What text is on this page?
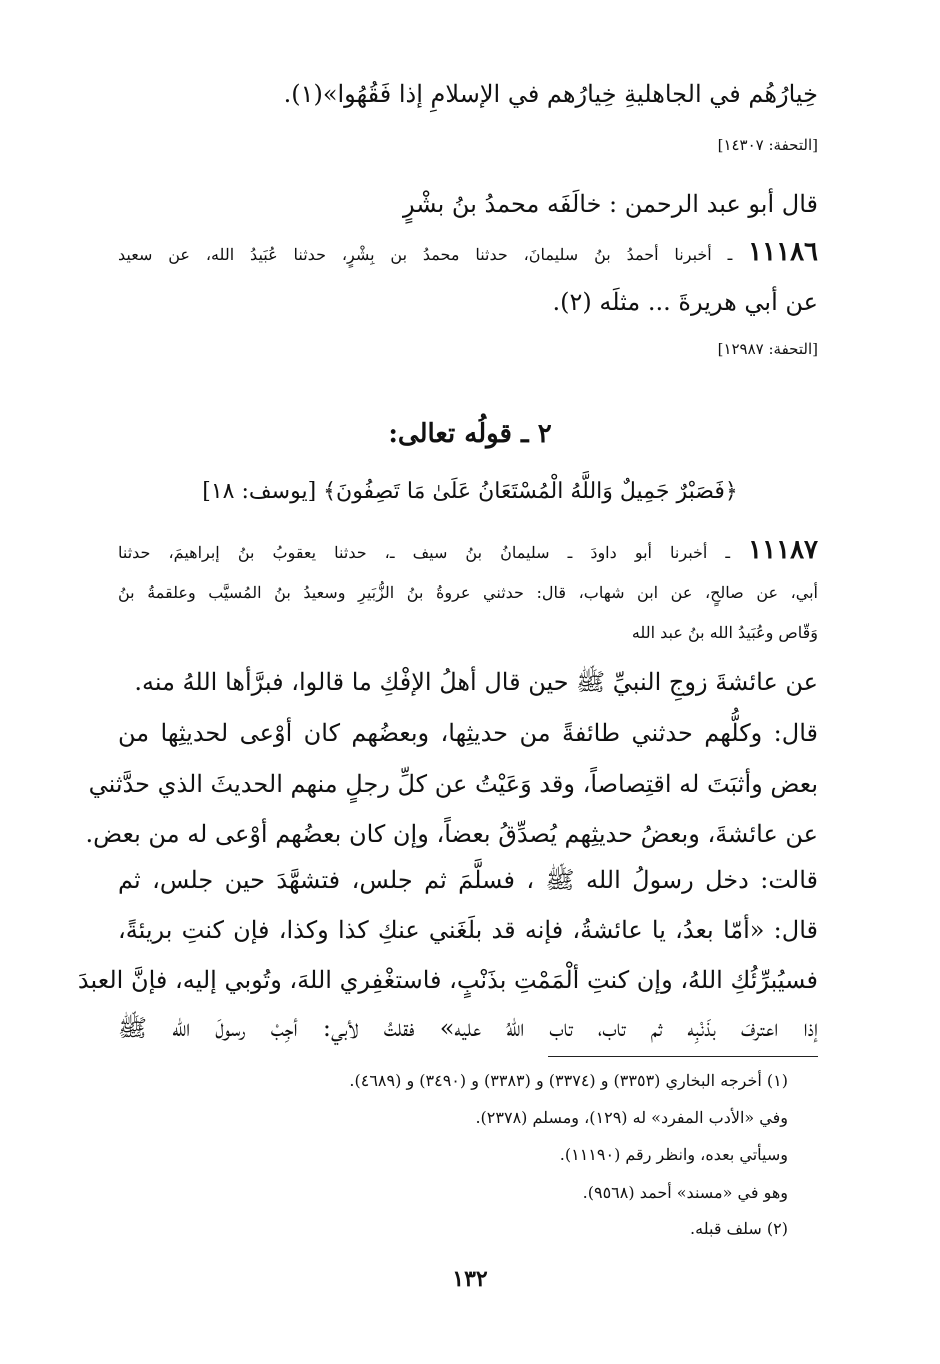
خِيارُهُم في الجاهليةِ خِيارُهم في الإسلامِ إذا فَقُهُوا»(١).
[التحفة: ١٤٣٠٧]
قال أبو عبد الرحمن : خالَفَه محمدُ بنُ بشْرٍ
١١١٨٦ ـ أخبرنا أحمدُ بنُ سليمانَ، حدثنا محمدُ بن بِشْرٍ، حدثنا عُبَيدُ الله، عن سعيد
عن أبي هريرةَ ... مثلَه (٢).
[التحفة: ١٢٩٨٧]
٢ ـ قولُه تعالى:
﴿فَصَبْرٌ جَمِيلٌ وَاللَّهُ الْمُسْتَعَانُ عَلَىٰ مَا تَصِفُونَ﴾ [يوسف: ١٨]
١١١٨٧ ـ أخبرنا أبو داودَ ـ سليمانُ بنُ سيف ـ، حدثنا يعقوبُ بنُ إبراهيمَ، حدثنا
أبي، عن صالحٍ، عن ابن شهاب، قال: حدثني عروةُ بنُ الزُّبَيرِ وسعيدُ بنُ المُسيَّب وعلقمةُ بنُ
وَقّاص وعُبَيدُ الله بنُ عبد الله
عن عائشةَ زوجِ النبيِّ ﷺ حين قال أهلُ الإفْكِ ما قالوا، فبرَّأها اللهُ منه.
قال: وكلُّهم حدثني طائفةً من حديثِها، وبعضُهم كان أوْعى لحديثِها من
بعض وأثبَتَ له اقتِصاصاً، وقد وَعَيْتُ عن كلِّ رجلٍ منهم الحديثَ الذي حدَّثني
عن عائشةَ، وبعضُ حديثِهم يُصدِّقُ بعضاً، وإن كان بعضُهم أوْعى له من بعض.
قالت: دخل رسولُ الله ﷺ ، فسلَّمَ ثم جلس، فتشهَّدَ حين جلس، ثم
قال: «أمّا بعدُ، يا عائشةُ، فإنه قد بلَغَني عنكِ كذا وكذا، فإن كنتِ بريئةً،
فسيُبرِّئُكِ اللهُ، وإن كنتِ ألْمَمْتِ بذَنْبٍ، فاستغْفِري اللهَ، وتُوبي إليه، فإنَّ العبدَ
إذا اعترفَ بذَنْبِه ثم تاب، تاب اللهُ عليه» فقلتُ لأبي: أجِبْ رسولَ الله ﷺ
(١) أخرجه البخاري (٣٣٥٣) و (٣٣٧٤) و (٣٣٨٣) و (٣٤٩٠) و (٤٦٨٩).
وفي «الأدب المفرد» له (١٢٩)، ومسلم (٢٣٧٨).
وسيأتي بعده، وانظر رقم (١١١٩٠).
وهو في «مسند» أحمد (٩٥٦٨).
(٢) سلف قبله.
١٣٢
